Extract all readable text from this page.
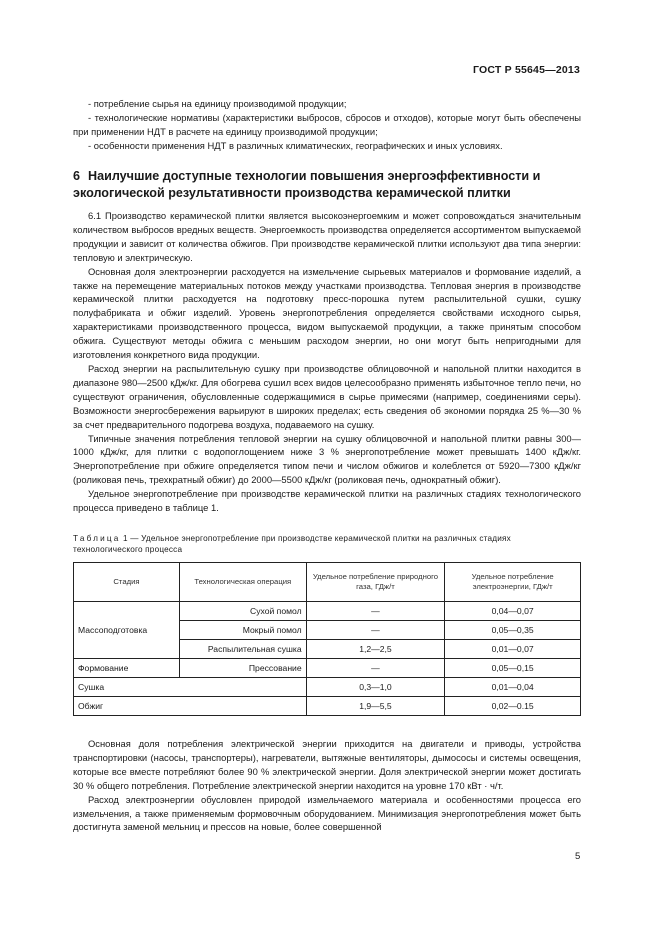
ГОСТ Р 55645—2013

- потребление сырья на единицу производимой продукции;

- технологические нормативы (характеристики выбросов, сбросов и отходов), которые могут быть обеспечены при применении НДТ в расчете на единицу производимой продукции;

- особенности применения НДТ в различных климатических, географических и иных условиях.

6 Наилучшие доступные технологии повышения энергоэффективности и экологической результативности производства керамической плитки

6.1 Производство керамической плитки является высокоэнергоемким и может сопровождаться значительным количеством выбросов вредных веществ. Энергоемкость производства определяется ассортиментом выпускаемой продукции и зависит от количества обжигов. При производстве керамической плитки используют два типа энергии: тепловую и электрическую.

Основная доля электроэнергии расходуется на измельчение сырьевых материалов и формование изделий, а также на перемещение материальных потоков между участками производства. Тепловая энергия в производстве керамической плитки расходуется на подготовку пресс-порошка путем распылительной сушки, сушку полуфабриката и обжиг изделий. Уровень энергопотребления определяется свойствами исходного сырья, характеристиками производственного процесса, видом выпускаемой продукции, а также принятым способом обжига. Существуют методы обжига с меньшим расходом энергии, но они могут быть непригодными для изготовления конкретного вида продукции.

Расход энергии на распылительную сушку при производстве облицовочной и напольной плитки находится в диапазоне 980—2500 кДж/кг. Для обогрева сушил всех видов целесообразно применять избыточное тепло печи, но существуют ограничения, обусловленные содержащимися в сырье примесями (например, соединениями серы). Возможности энергосбережения варьируют в широких пределах; есть сведения об экономии порядка 25 %—30 % за счет предварительного подогрева воздуха, подаваемого на сушку.

Типичные значения потребления тепловой энергии на сушку облицовочной и напольной плитки равны 300—1000 кДж/кг, для плитки с водопоглощением ниже 3 % энергопотребление может превышать 1400 кДж/кг. Энергопотребление при обжиге определяется типом печи и числом обжигов и колеблется от 5920—7300 кДж/кг (роликовая печь, трехкратный обжиг) до 2000—5500 кДж/кг (роликовая печь, однократный обжиг).

Удельное энергопотребление при производстве керамической плитки на различных стадиях технологического процесса приведено в таблице 1.

Таблица 1 — Удельное энергопотребление при производстве керамической плитки на различных стадиях технологического процесса
Стадия	Технологическая операция	Удельное потребление природного газа, ГДж/т	Удельное потребление электроэнергии, ГДж/т
Массоподготовка	Сухой помол	—	0,04—0,07
	Мокрый помол	—	0,05—0,35
	Распылительная сушка	1,2—2,5	0,01—0,07
Формование	Прессование	—	0,05—0,15
Сушка		0,3—1,0	0,01—0,04
Обжиг		1,9—5,5	0,02—0.15

Основная доля потребления электрической энергии приходится на двигатели и приводы, устройства транспортировки (насосы, транспортеры), нагреватели, вытяжные вентиляторы, дымососы и системы освещения, которые все вместе потребляют более 90 % электрической энергии. Доля электрической энергии может достигать 30 % общего потребления. Потребление электрической энергии находится на уровне 170 кВт · ч/т.

Расход электроэнергии обусловлен природой измельчаемого материала и особенностями процесса его измельчения, а также применяемым формовочным оборудованием. Минимизация энергопотребления может быть достигнута заменой мельниц и прессов на новые, более совершенной

5
